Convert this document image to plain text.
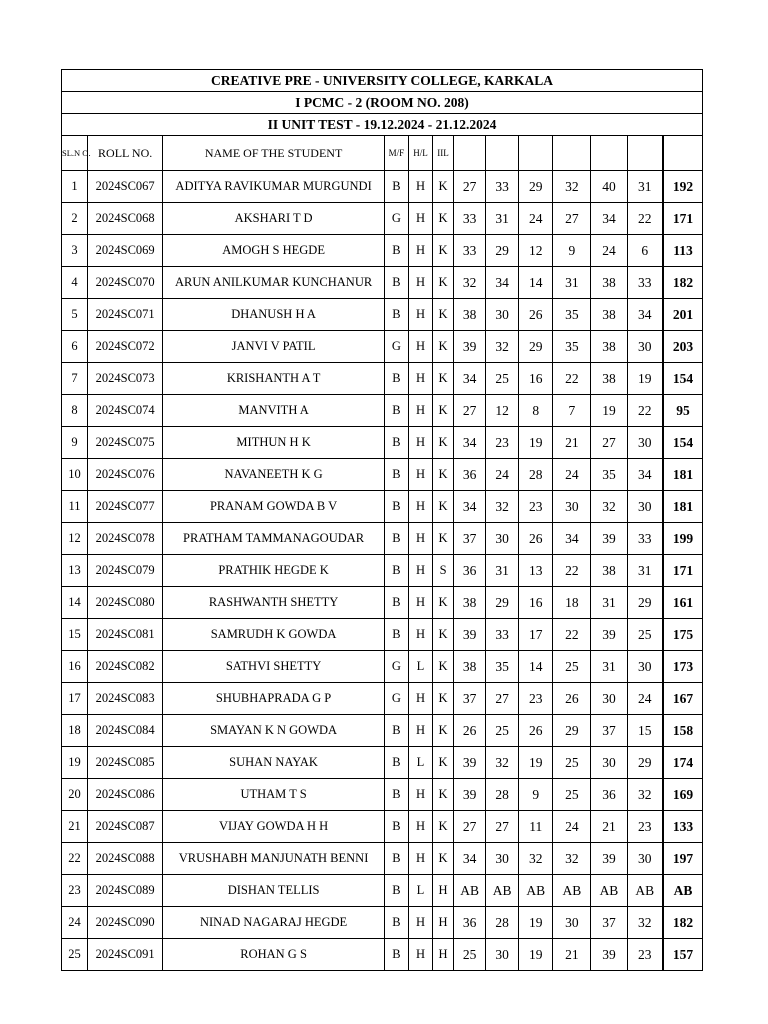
CREATIVE PRE - UNIVERSITY COLLEGE, KARKALA												
I PCMC - 2 (ROOM NO. 208)												
II UNIT TEST - 19.12.2024 - 21.12.2024												
SL.N O.	ROLL NO.	NAME OF THE STUDENT	M/F	H/L	IIL							
1	2024SC067	ADITYA RAVIKUMAR MURGUNDI	B	H	K	27	33	29	32	40	31	192
2	2024SC068	AKSHARI T D	G	H	K	33	31	24	27	34	22	171
3	2024SC069	AMOGH S HEGDE	B	H	K	33	29	12	9	24	6	113
4	2024SC070	ARUN ANILKUMAR KUNCHANUR	B	H	K	32	34	14	31	38	33	182
5	2024SC071	DHANUSH H A	B	H	K	38	30	26	35	38	34	201
6	2024SC072	JANVI V PATIL	G	H	K	39	32	29	35	38	30	203
7	2024SC073	KRISHANTH A T	B	H	K	34	25	16	22	38	19	154
8	2024SC074	MANVITH A	B	H	K	27	12	8	7	19	22	95
9	2024SC075	MITHUN H K	B	H	K	34	23	19	21	27	30	154
10	2024SC076	NAVANEETH K G	B	H	K	36	24	28	24	35	34	181
11	2024SC077	PRANAM GOWDA B V	B	H	K	34	32	23	30	32	30	181
12	2024SC078	PRATHAM TAMMANAGOUDAR	B	H	K	37	30	26	34	39	33	199
13	2024SC079	PRATHIK HEGDE K	B	H	S	36	31	13	22	38	31	171
14	2024SC080	RASHWANTH SHETTY	B	H	K	38	29	16	18	31	29	161
15	2024SC081	SAMRUDH K GOWDA	B	H	K	39	33	17	22	39	25	175
16	2024SC082	SATHVI SHETTY	G	L	K	38	35	14	25	31	30	173
17	2024SC083	SHUBHAPRADA G P	G	H	K	37	27	23	26	30	24	167
18	2024SC084	SMAYAN K N GOWDA	B	H	K	26	25	26	29	37	15	158
19	2024SC085	SUHAN NAYAK	B	L	K	39	32	19	25	30	29	174
20	2024SC086	UTHAM T S	B	H	K	39	28	9	25	36	32	169
21	2024SC087	VIJAY GOWDA H H	B	H	K	27	27	11	24	21	23	133
22	2024SC088	VRUSHABH MANJUNATH BENNI	B	H	K	34	30	32	32	39	30	197
23	2024SC089	DISHAN TELLIS	B	L	H	AB	AB	AB	AB	AB	AB	AB
24	2024SC090	NINAD NAGARAJ HEGDE	B	H	H	36	28	19	30	37	32	182
25	2024SC091	ROHAN G S	B	H	H	25	30	19	21	39	23	157
